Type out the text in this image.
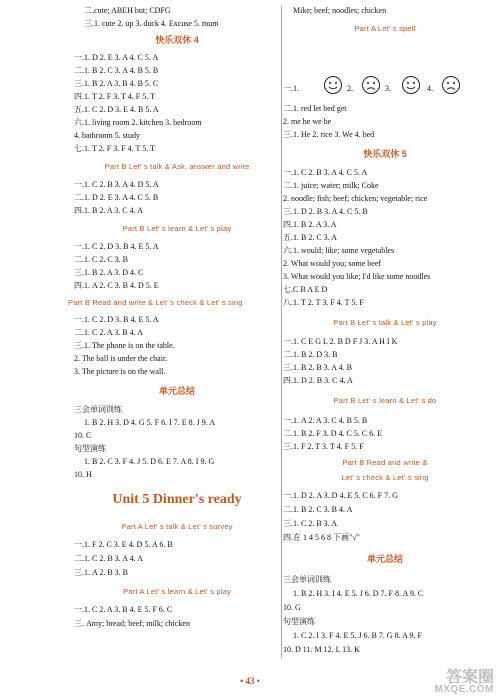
二.cute; ABEH but; CDFG
三.1. cute 2. up 3. duck 4. Excuse 5. mum
快乐双休 4
一.1. D 2. E 3. A 4. C 5. A
二.1. B 2. C 3. A 4. B 5. B
三.1. B 2. A 3. B 4. B 5. C
四.1. T 2. F 3. T 4. F 5. T
五.1. C 2. D 3. E 4. B 5. A
六.1. living room 2. kitchen 3. bedroom
4. bathroom 5. study
七.1. T 2. F 3. F 4. T 5. T
Part B Let' s talk & Ask, answer and write
一.1. C 2. B 3. A 4. D 5. A
二.1. D 2. E 3. A 4. C 5. B
四.1. B 2. A 3. C 4. A
Part B Let' s learn & Let' s play
一.1. C 2. D 3. B 4. E 5. A
二.1. C 2. C 3. B
三.1. B 2. A 3. D 4. C
四.1. A 2. C 3. B 4. D 5. E
Part B Read and write & Let' s check & Let' s sing
一.1. C 2. D 3. B 4. E 5. A
二.1. C 2. A 3. B 4. A
三.1. The phone is on the table.
2. The ball is under the chair.
3. The picture is on the wall.
单元总结
三会单词训练
1. B 2. H 3. D 4. G 5. F 6. I 7. E 8. J 9. A
10. C
句型演练
1. B 2. C 3. F 4. J 5. D 6. E 7. A 8. I 9. G
10. H
Unit 5 Dinner's ready
Part A Let' s talk & Let' s survey
一.1. F 2. C 3. E 4. D 5. A 6. B
二.1. C 2. B 3. A 4. A
三.1. A 2. B 3. B
Part A Let' s learn & Let' s play
一.1. C 2. A 3. B 4. E 5. F 6. C
三. Amy; bread; beef; milk; chicken
Mike; beef; noodles; chicken
Part A Let' s spell
一.1.	2.	3.	4.
二.1. red let bed get
2. me he we be
三.1. He 2. rice 3. We 4. bed
快乐双休 5
一.1. C 2. B 3. A 4. C 5. A
二.1. juice; water; milk; Coke
2. noodle; fish; beef; chicken; vegetable; rice
三.1. D 2. B 3. A 4. C 5. B
四.1. B 2. A 3. A
五.1. B 2. C 3. A
六.1. would; like; some vegetables
2. What would you; some beef
3. What would you like; I'd like some noodles
七.C B A E D
八.1. T 2. T 3. F 4. T 5. F
Part B Let' s talk & Let' s play
一.1. C E G L 2. B D F J 3. A H I K
二.1. B 2. D 3. B
三.1. B 2. B 3. A 4. B
四.1. D 2. B 3. C 4. A
Part B Let' s learn & Let' s do
一.1. A 2. A 3. C 4. B 5. B
二.1. B 2. F 3. D 4. C 5. C 6. E
三.1. F 2. T 3. T 4. F 5. F
Part B Read and write &
Let' s check & Let' s sing
一.1. D 2. A 3. D 4. E 5. C 6. F 7. G
二.1. B 2. C 3. B 4. A
三.1. C 2. B 3. A
四.在 1 4 5 6 8 下画"√"
单元总结
三会单词训练
1. B 2. H 3. I 4. E 5. J 6. D 7. F 8. A 9. C
10. G
句型演练
1. C 2. I 3. F 4. E 5. J 6. B 7. G 8. A 9. F
10. D 11. M 12. L 13. K
• 43 •	答案圈
MXQE.COM
